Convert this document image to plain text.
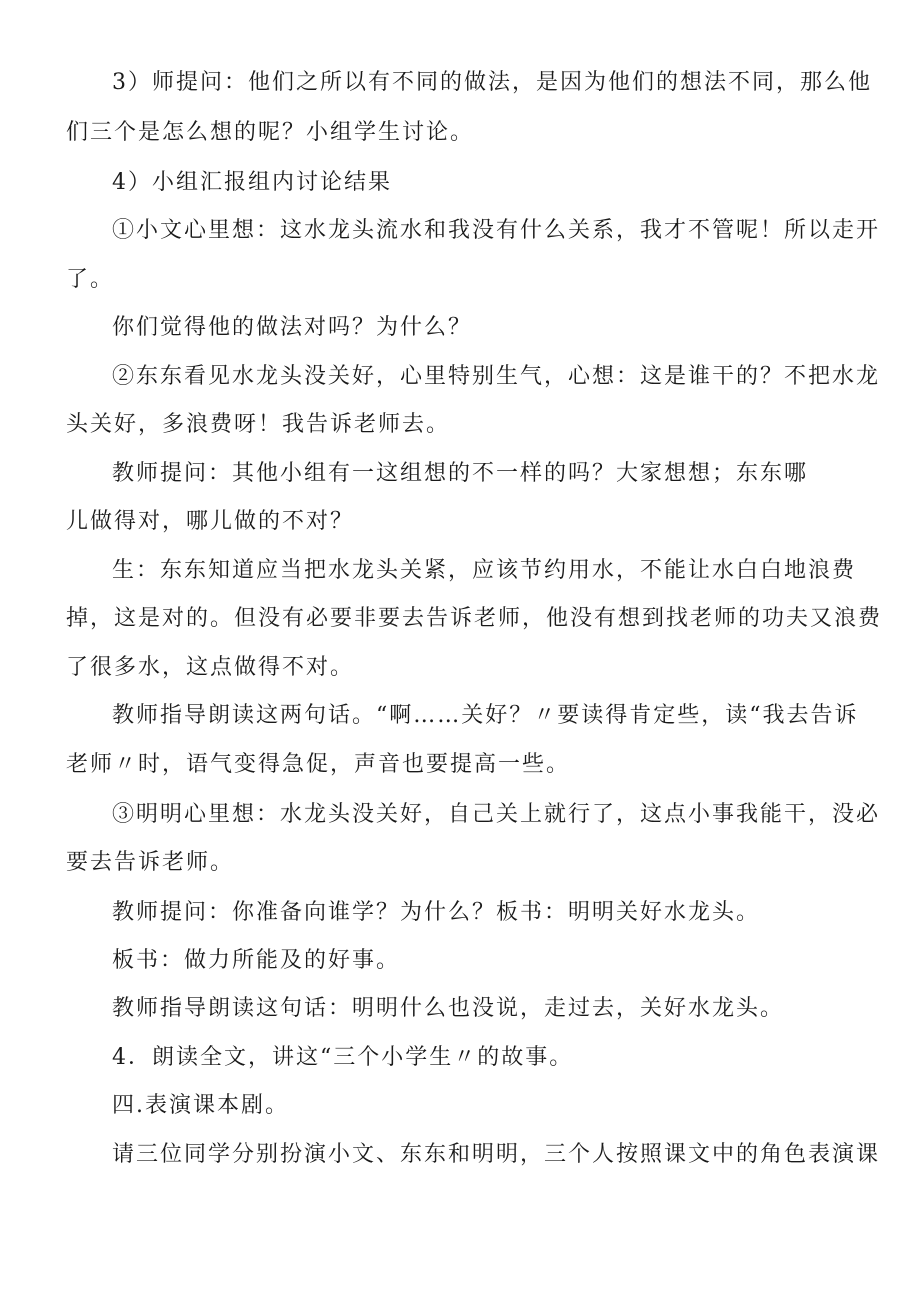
3）师提问：他们之所以有不同的做法，是因为他们的想法不同，那么他

们三个是怎么想的呢？小组学生讨论。

4）小组汇报组内讨论结果

①小文心里想：这水龙头流水和我没有什么关系，我才不管呢！所以走开

了。

你们觉得他的做法对吗？为什么？

②东东看见水龙头没关好，心里特别生气，心想：这是谁干的？不把水龙

头关好，多浪费呀！我告诉老师去。

教师提问：其他小组有一这组想的不一样的吗？大家想想；东东哪

儿做得对，哪儿做的不对？

生：东东知道应当把水龙头关紧，应该节约用水，不能让水白白地浪费

掉，这是对的。但没有必要非要去告诉老师，他没有想到找老师的功夫又浪费

了很多水，这点做得不对。

教师指导朗读这两句话。“啊……关好？〃要读得肯定些，读“我去告诉

老师〃时，语气变得急促，声音也要提高一些。

③明明心里想：水龙头没关好，自己关上就行了，这点小事我能干，没必

要去告诉老师。

教师提问：你准备向谁学？为什么？板书：明明关好水龙头。

板书：做力所能及的好事。

教师指导朗读这句话：明明什么也没说，走过去，关好水龙头。

4．朗读全文，讲这“三个小学生〃的故事。

四.表演课本剧。

请三位同学分别扮演小文、东东和明明，三个人按照课文中的角色表演课
